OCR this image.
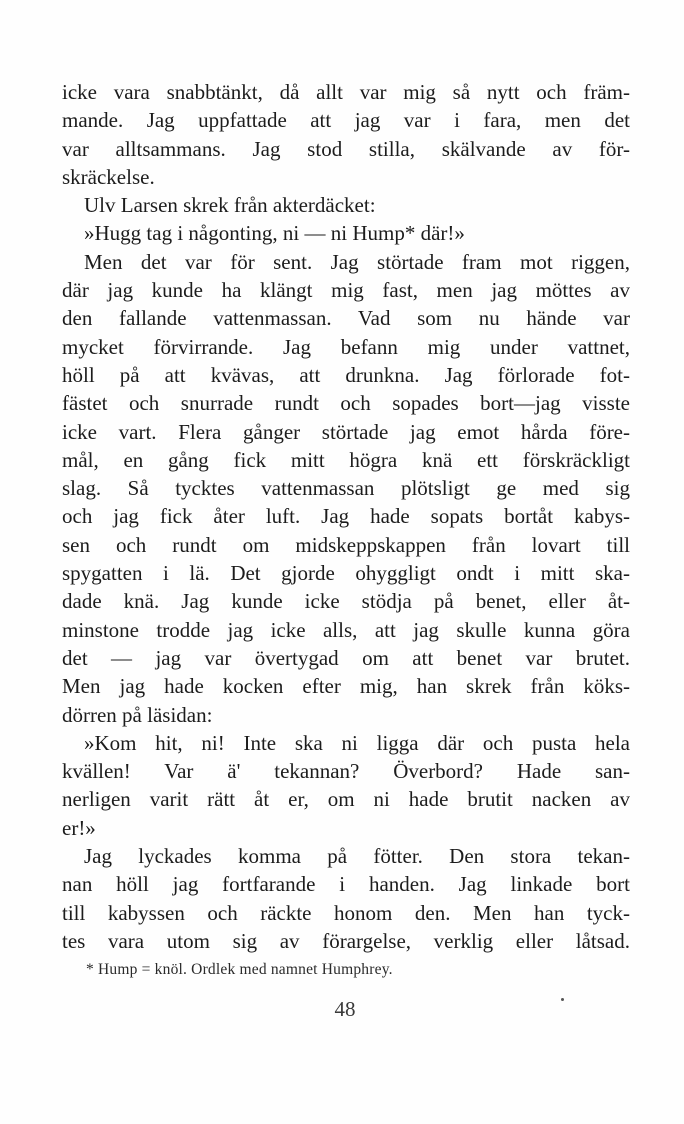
icke vara snabbtänkt, då allt var mig så nytt och främ-
mande. Jag uppfattade att jag var i fara, men det
var alltsammans. Jag stod stilla, skälvande av för-
skräckelse.
Ulv Larsen skrek från akterdäcket:
»Hugg tag i någonting, ni — ni Hump* där!»
Men det var för sent. Jag störtade fram mot riggen,
där jag kunde ha klängt mig fast, men jag möttes av
den fallande vattenmassan. Vad som nu hände var
mycket förvirrande. Jag befann mig under vattnet,
höll på att kvävas, att drunkna. Jag förlorade fot-
fästet och snurrade rundt och sopades bort—jag visste
icke vart. Flera gånger störtade jag emot hårda före-
mål, en gång fick mitt högra knä ett förskräckligt
slag. Så tycktes vattenmassan plötsligt ge med sig
och jag fick åter luft. Jag hade sopats bortåt kabys-
sen och rundt om midskeppskappen från lovart till
spygatten i lä. Det gjorde ohyggligt ondt i mitt ska-
dade knä. Jag kunde icke stödja på benet, eller åt-
minstone trodde jag icke alls, att jag skulle kunna göra
det — jag var övertygad om att benet var brutet.
Men jag hade kocken efter mig, han skrek från köks-
dörren på läsidan:
»Kom hit, ni! Inte ska ni ligga där och pusta hela
kvällen! Var ä' tekannan? Överbord? Hade san-
nerligen varit rätt åt er, om ni hade brutit nacken av
er!»
Jag lyckades komma på fötter. Den stora tekan-
nan höll jag fortfarande i handen. Jag linkade bort
till kabyssen och räckte honom den. Men han tyck-
tes vara utom sig av förargelse, verklig eller låtsad.
* Hump = knöl. Ordlek med namnet Humphrey.
48
